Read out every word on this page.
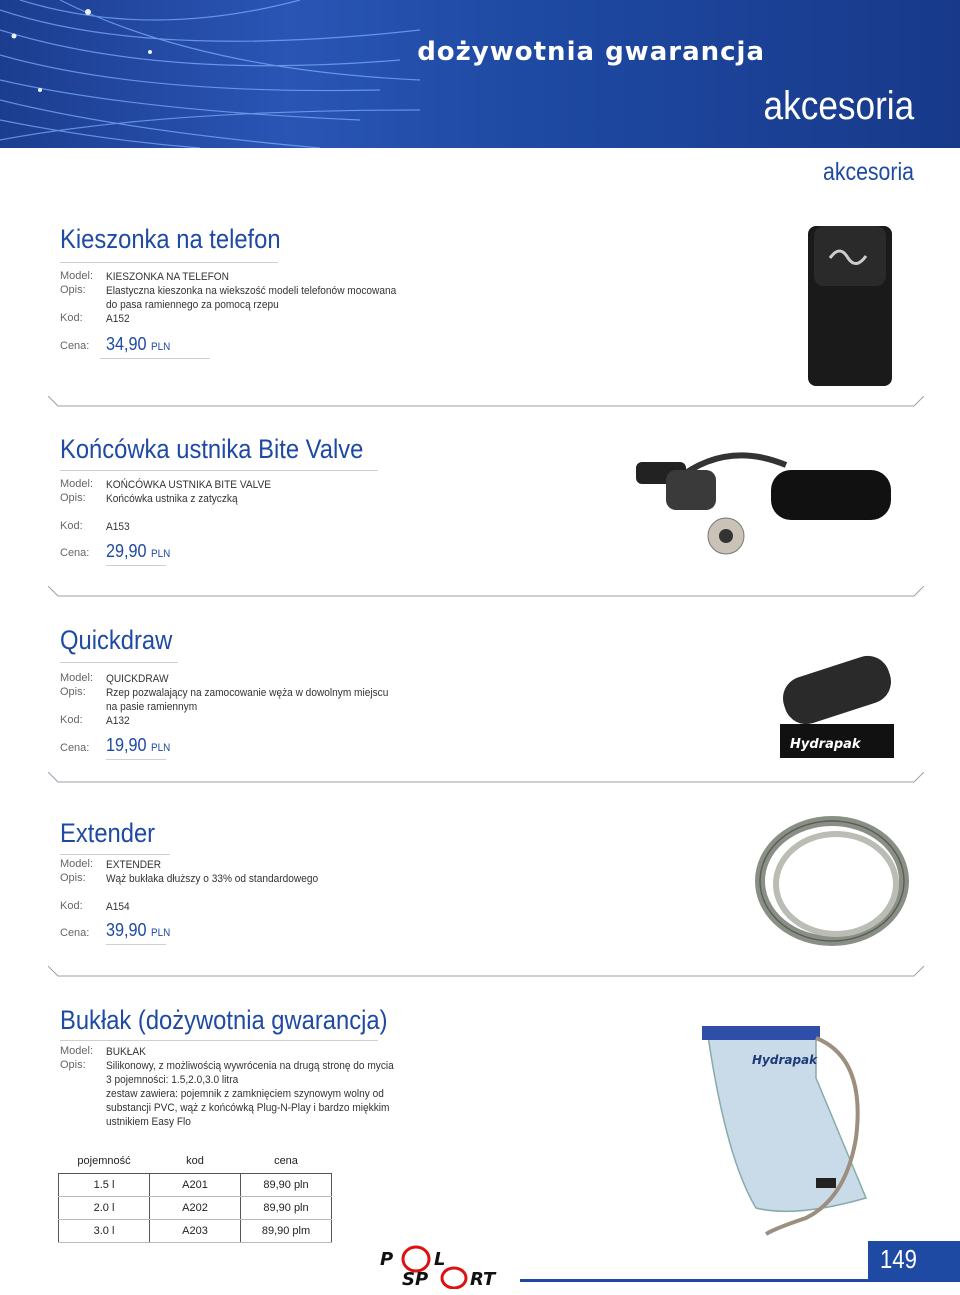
dożywotnia gwarancja
akcesoria
akcesoria
Kieszonka na telefon
Model: KIESZONKA NA TELEFON
Opis: Elastyczna kieszonka na wiekszość modeli telefonów mocowana
do pasa ramiennego za pomocą rzepu
Kod: A152
Cena: 34,90 PLN
Końcówka ustnika Bite Valve
Model: KOŃCÓWKA USTNIKA BITE VALVE
Opis: Końcówka ustnika z zatyczką
Kod: A153
Cena: 29,90 PLN
Quickdraw
Model: QUICKDRAW
Opis: Rzep pozwalający na zamocowanie węża w dowolnym miejscu
na pasie ramiennym
Kod: A132
Cena: 19,90 PLN	Hydrapak
Extender
Model: EXTENDER
Opis: Wąż bukłaka dłuższy o 33% od standardowego
Kod: A154
Cena: 39,90 PLN
Bukłak (dożywotnia gwarancja)
Model: BUKŁAK
Opis: Silikonowy, z możliwością wywrócenia na drugą stronę do mycia
3 pojemności: 1.5,2.0,3.0 litra
zestaw zawiera: pojemnik z zamknięciem szynowym wolny od
substancji PVC, wąż z końcówką Plug-N-Play i bardzo miękkim
ustnikiem Easy Flo
pojemność	kod	cena
1.5 l	A201	89,90 pln
2.0 l	A202	89,90 pln
3.0 l	A203	89,90 plm
Hydrapak
P L
SP RT
149
